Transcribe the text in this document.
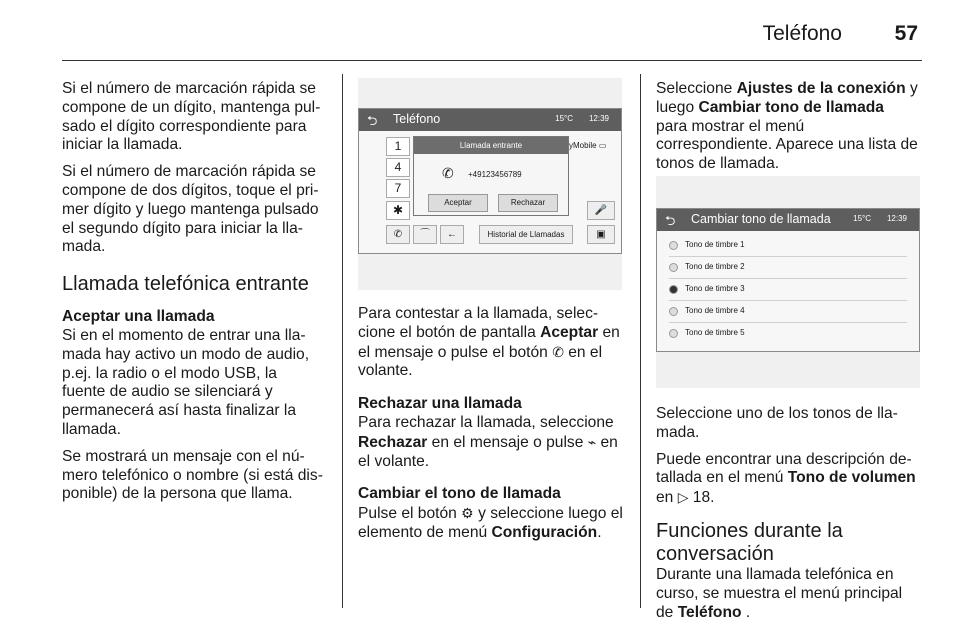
Teléfono	57

Si el número de marcación rápida se compone de un dígito, mantenga pulsado el dígito correspondiente para iniciar la llamada.

Si el número de marcación rápida se compone de dos dígitos, toque el primer dígito y luego mantenga pulsado el segundo dígito para iniciar la llamada.

Llamada telefónica entrante
Aceptar una llamada

Si en el momento de entrar una llamada hay activo un modo de audio, p.ej. la radio o el modo USB, la fuente de audio se silenciará y permanecerá así hasta finalizar la llamada.

Se mostrará un mensaje con el número telefónico o nombre (si está disponible) de la persona que llama.

⮌ Teléfono	15°C 12:39
1
4
7
✱
yMobile ▭
🎤
Llamada entrante
✆ +49123456789
Aceptar	Rechazar
✆	⌒	←	Historial de Llamadas	▣

Para contestar a la llamada, seleccione el botón de pantalla Aceptar en el mensaje o pulse el botón ✆ en el volante.

Rechazar una llamada

Para rechazar la llamada, seleccione Rechazar en el mensaje o pulse ⌁ en el volante.

Cambiar el tono de llamada

Pulse el botón ⚙ y seleccione luego el elemento de menú Configuración.

Seleccione Ajustes de la conexión y luego Cambiar tono de llamada para mostrar el menú correspondiente. Aparece una lista de tonos de llamada.

⮌ Cambiar tono de llamada	15°C 12:39
Tono de timbre 1
Tono de timbre 2
Tono de timbre 3
Tono de timbre 4
Tono de timbre 5

Seleccione uno de los tonos de llamada.

Puede encontrar una descripción detallada en el menú Tono de volumen en ▷ 18.

Funciones durante la conversación

Durante una llamada telefónica en curso, se muestra el menú principal de Teléfono .
